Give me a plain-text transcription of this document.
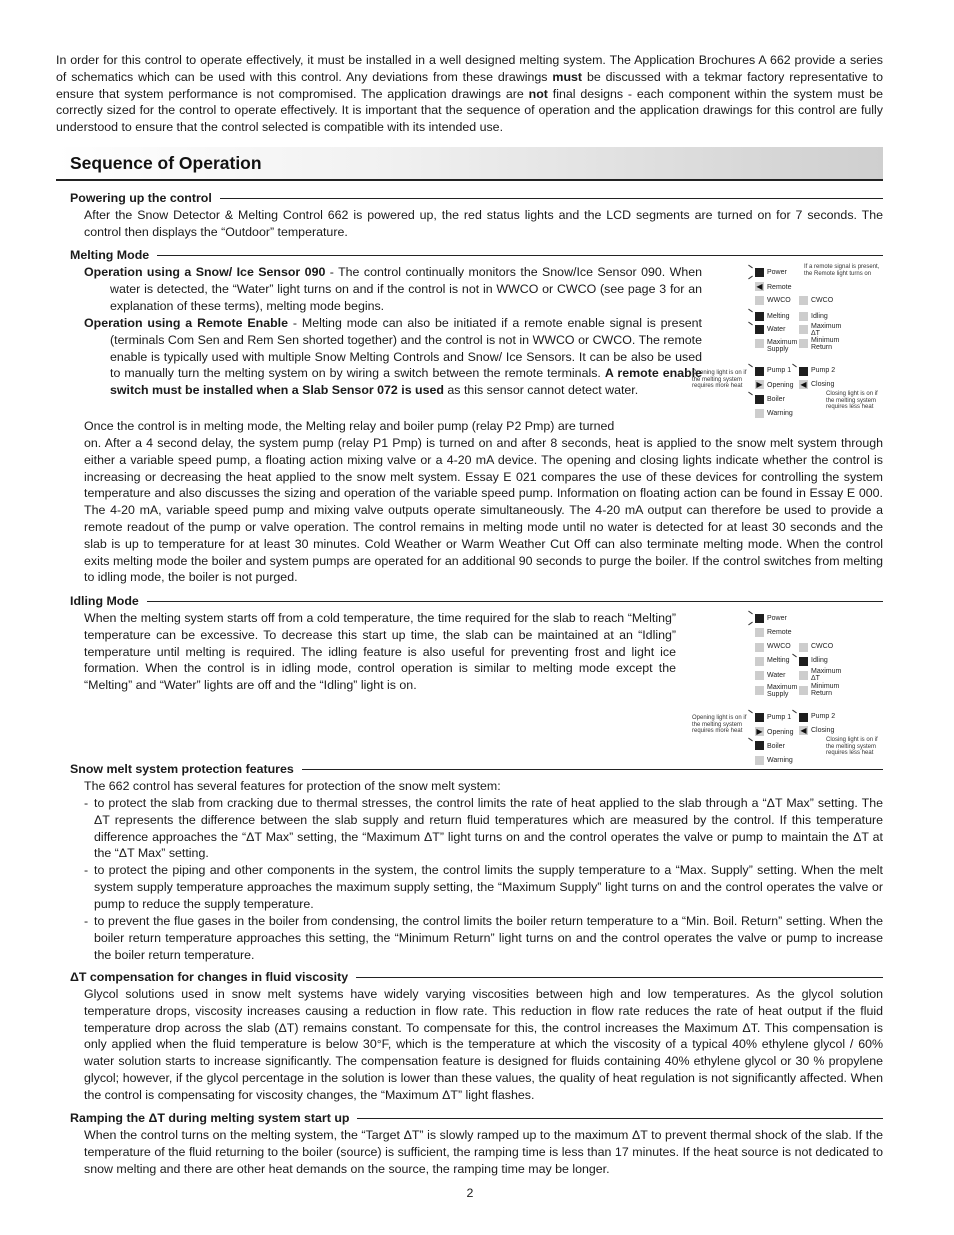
In order for this control to operate effectively, it must be installed in a well designed melting system. The Application Brochures A 662 provide a series of schematics which can be used with this control. Any deviations from these drawings must be discussed with a tekmar factory representative to ensure that system performance is not compromised. The application drawings are not final designs - each component within the system must be correctly sized for the control to operate effectively. It is important that the sequence of operation and the application drawings for this control are fully understood to ensure that the control selected is compatible with its intended use.

Sequence of Operation
Powering up the control

After the Snow Detector & Melting Control 662 is powered up, the red status lights and the LCD segments are turned on for 7 seconds. The control then displays the “Outdoor” temperature.

Melting Mode

Operation using a Snow/ Ice Sensor 090 - The control continually monitors the Snow/Ice Sensor 090. When water is detected, the “Water” light turns on and if the control is not in WWCO or CWCO (see page 3 for an explanation of these terms), melting mode begins.

Operation using a Remote Enable - Melting mode can also be initiated if a remote enable signal is present (terminals Com Sen and Rem Sen shorted together) and the control is not in WWCO or CWCO. The remote enable is typically used with multiple Snow Melting Controls and Snow/ Ice Sensors. It can be also be used to manually turn the melting system on by wiring a switch between the remote terminals. A remote enable switch must be installed when a Slab Sensor 072 is used as this sensor cannot detect water.

Once the control is in melting mode, the Melting relay and boiler pump (relay P2 Pmp) are turned

on. After a 4 second delay, the system pump (relay P1 Pmp) is turned on and after 8 seconds, heat is applied to the snow melt system through either a variable speed pump, a floating action mixing valve or a 4-20 mA device. The opening and closing lights indicate whether the control is increasing or decreasing the heat applied to the snow melt system. Essay E 021 compares the use of these devices for controlling the system temperature and also discusses the sizing and operation of the variable speed pump. Information on floating action can be found in Essay E 000. The 4-20 mA, variable speed pump and mixing valve outputs operate simultaneously. The 4-20 mA output can therefore be used to provide a remote readout of the pump or valve operation. The control remains in melting mode until no water is detected for at least 30 seconds and the slab is up to temperature for at least 30 minutes. Cold Weather or Warm Weather Cut Off can also terminate melting mode. When the control exits melting mode the boiler and system pumps are operated for an additional 90 seconds to purge the boiler. If the control switches from melting to idling mode, the boiler is not purged.

Power
◀ Remote
If a remote signal is present, the Remote light turns on
WWCO	CWCO
Melting	Idling
Water	Maximum ΔT
Maximum Supply
Minimum Return
Pump 1	Pump 2
Opening light is on if the melting system requires more heat	▶ Opening ◀ Closing
Closing light is on if the melting system requires less heat
Boiler
Warning
Idling Mode

When the melting system starts off from a cold temperature, the time required for the slab to reach “Melting” temperature can be excessive. To decrease this start up time, the slab can be maintained at an “Idling” temperature until melting is required. The idling feature is also useful for preventing frost and light ice formation. When the control is in idling mode, control operation is similar to melting mode except the “Melting” and “Water” lights are off and the “Idling” light is on.

Power
Remote
WWCO	CWCO
Melting	Idling
Water
Maximum ΔT
Maximum Supply
Minimum Return
Pump 1	Pump 2
Opening light is on if the melting system requires more heat	▶ Opening ◀ Closing
Closing light is on if the melting system requires less heat
Boiler
Warning
Snow melt system protection features

The 662 control has several features for protection of the snow melt system:

- to protect the slab from cracking due to thermal stresses, the control limits the rate of heat applied to the slab through a “ΔT Max” setting. The ΔT represents the difference between the slab supply and return fluid temperatures which are measured by the control. If this temperature difference approaches the “ΔT Max” setting, the “Maximum ΔT” light turns on and the control operates the valve or pump to maintain the ΔT at the “ΔT Max” setting.
- to protect the piping and other components in the system, the control limits the supply temperature to a “Max. Supply” setting. When the melt system supply temperature approaches the maximum supply setting, the “Maximum Supply” light turns on and the control operates the valve or pump to reduce the supply temperature.
- to prevent the flue gases in the boiler from condensing, the control limits the boiler return temperature to a “Min. Boil. Return” setting. When the boiler return temperature approaches this setting, the “Minimum Return” light turns on and the control operates the valve or pump to increase the boiler return temperature.
ΔT compensation for changes in fluid viscosity

Glycol solutions used in snow melt systems have widely varying viscosities between high and low temperatures. As the glycol solution temperature drops, viscosity increases causing a reduction in flow rate. This reduction in flow rate reduces the rate of heat output if the fluid temperature drop across the slab (ΔT) remains constant. To compensate for this, the control increases the Maximum ΔT. This compensation is only applied when the fluid temperature is below 30°F, which is the temperature at which the viscosity of a typical 40% ethylene glycol / 60% water solution starts to increase significantly. The compensation feature is designed for fluids containing 40% ethylene glycol or 30 % propylene glycol; however, if the glycol percentage in the solution is lower than these values, the quality of heat regulation is not significantly affected. When the control is compensating for viscosity changes, the “Maximum ΔT” light flashes.

Ramping the ΔT during melting system start up

When the control turns on the melting system, the “Target ΔT” is slowly ramped up to the maximum ΔT to prevent thermal shock of the slab. If the temperature of the fluid returning to the boiler (source) is sufficient, the ramping time is less than 17 minutes. If the heat source is not dedicated to snow melting and there are other heat demands on the source, the ramping time may be longer.

2
